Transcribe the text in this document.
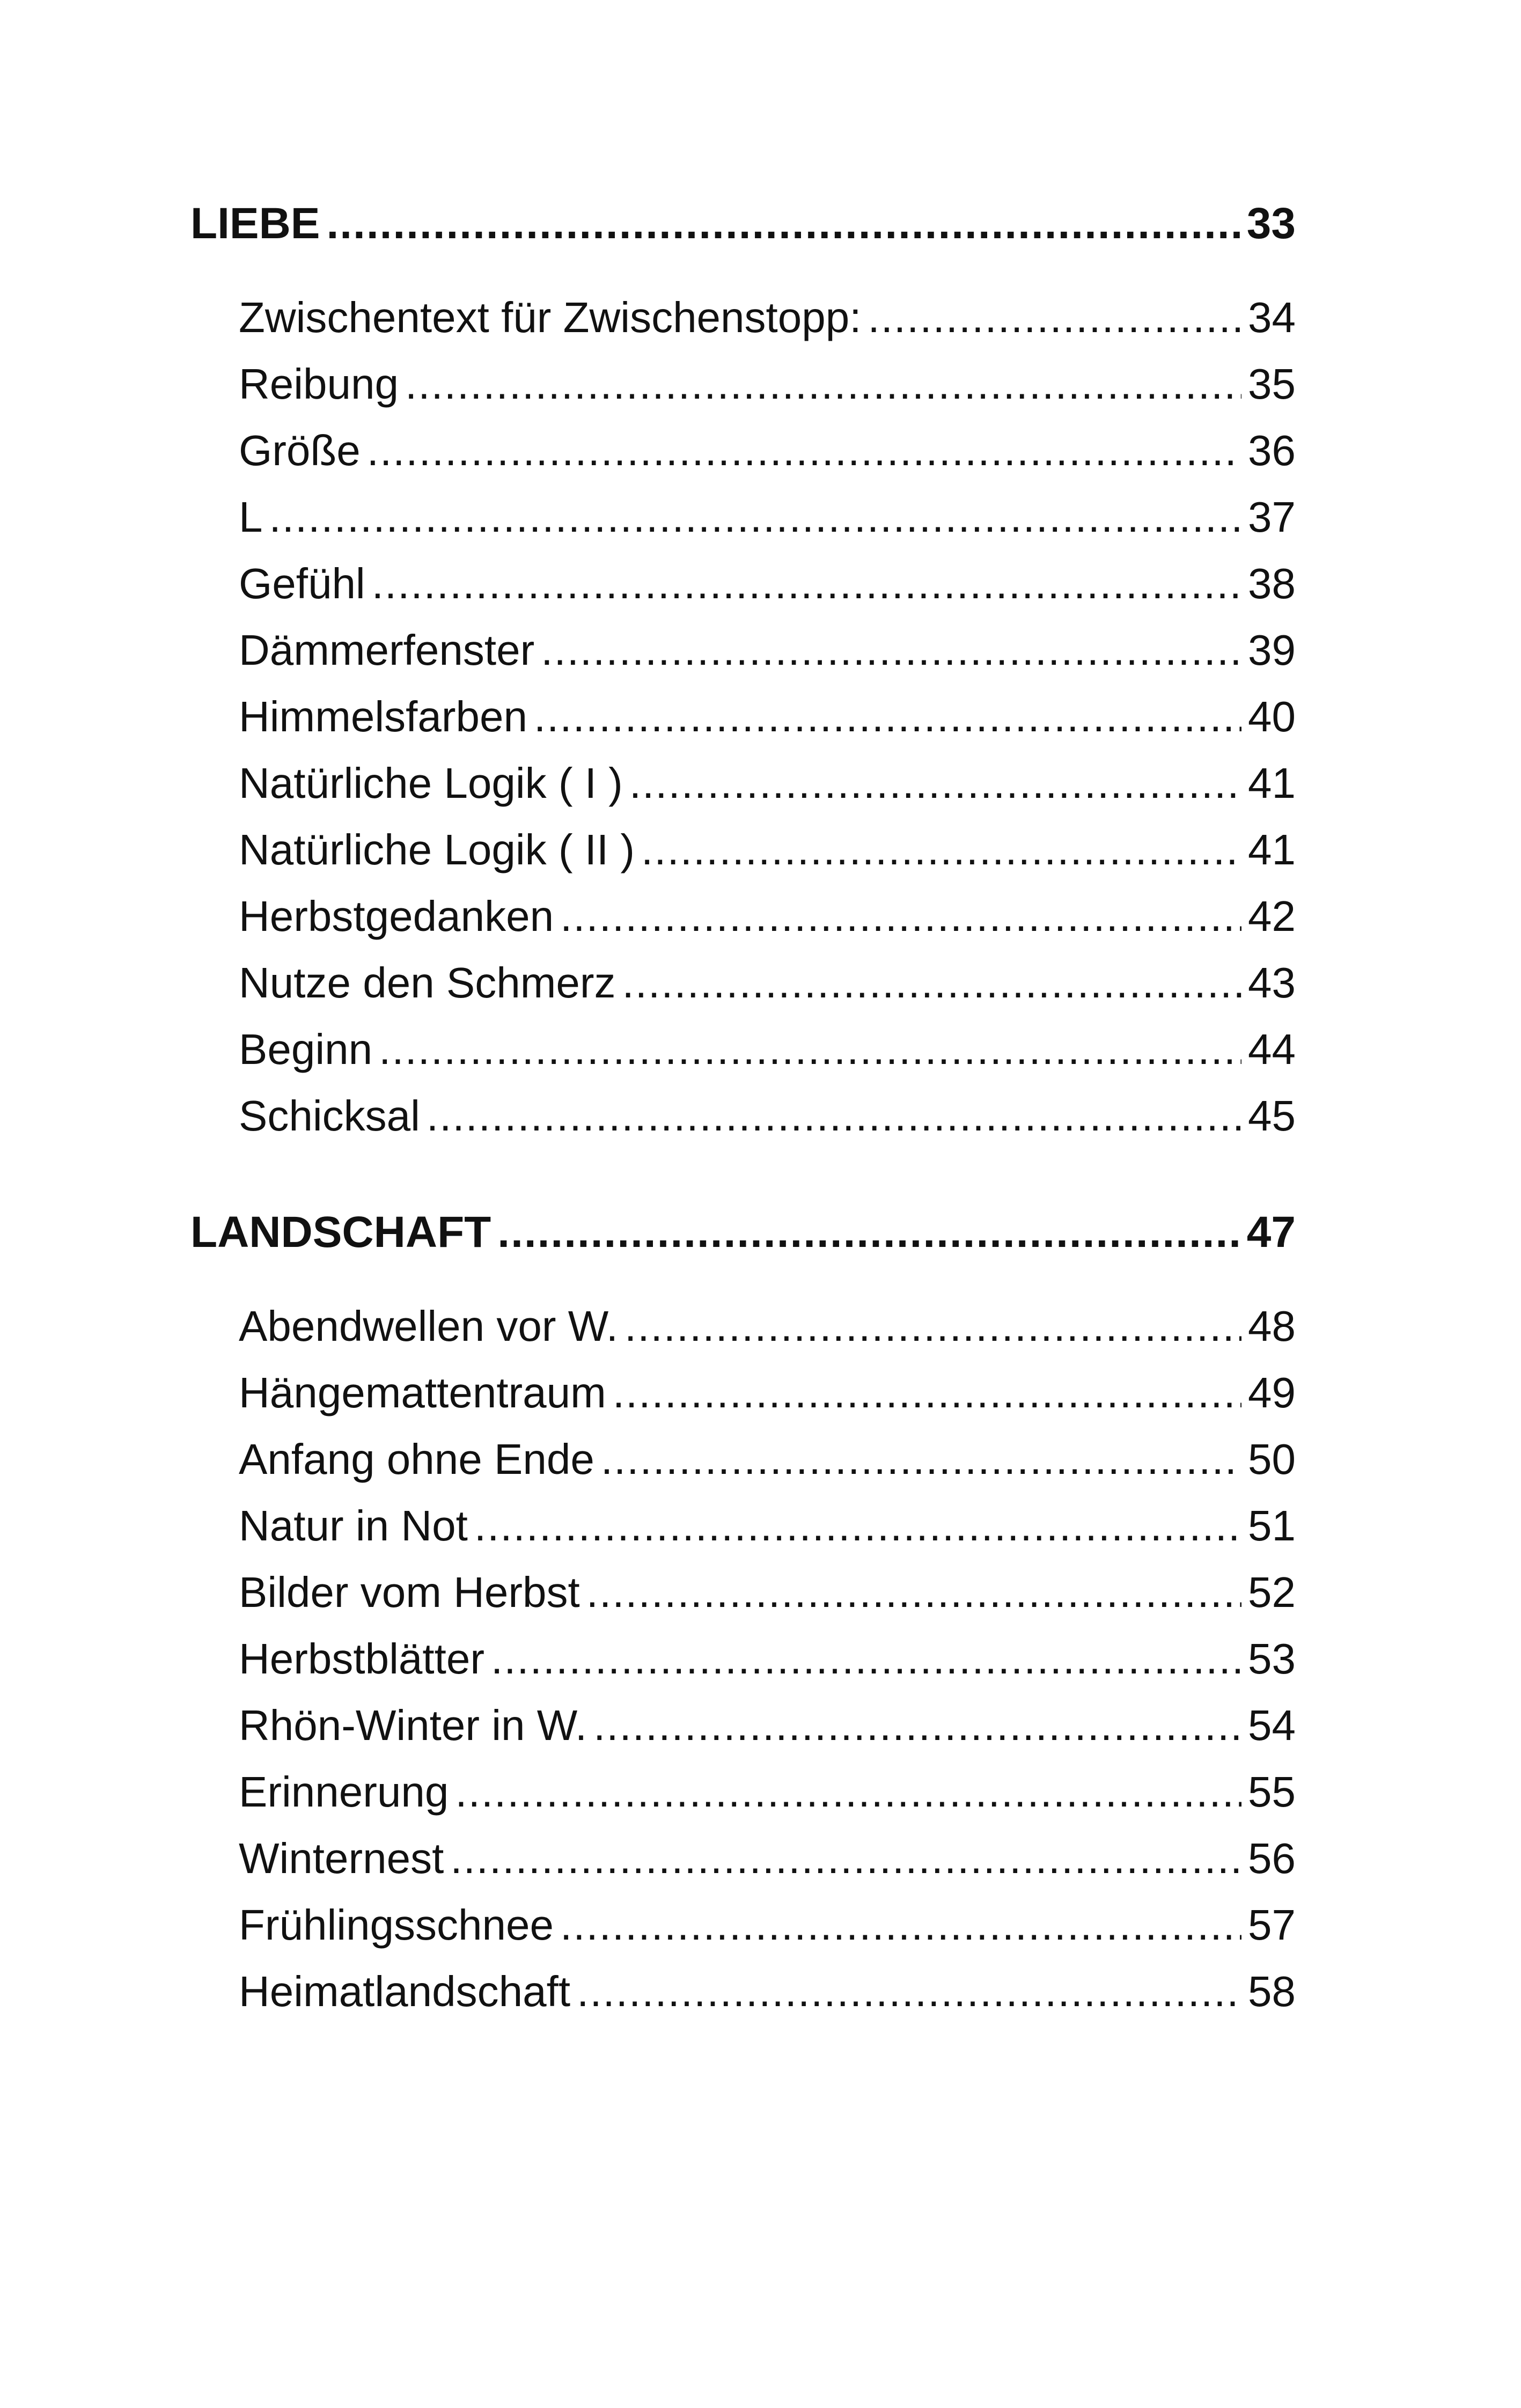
LIEBE .....	33
Zwischentext für Zwischenstopp: .....	34
Reibung .....	35
Größe .....	36
L .....	37
Gefühl .....	38
Dämmerfenster .....	39
Himmelsfarben .....	40
Natürliche Logik ( I ) .....	41
Natürliche Logik ( II ) .....	41
Herbstgedanken .....	42
Nutze den Schmerz .....	43
Beginn .....	44
Schicksal .....	45
LANDSCHAFT .....	47
Abendwellen vor W. .....	48
Hängemattentraum .....	49
Anfang ohne Ende .....	50
Natur in Not .....	51
Bilder vom Herbst .....	52
Herbstblätter .....	53
Rhön-Winter in W. .....	54
Erinnerung .....	55
Winternest .....	56
Frühlingsschnee .....	57
Heimatlandschaft .....	58
